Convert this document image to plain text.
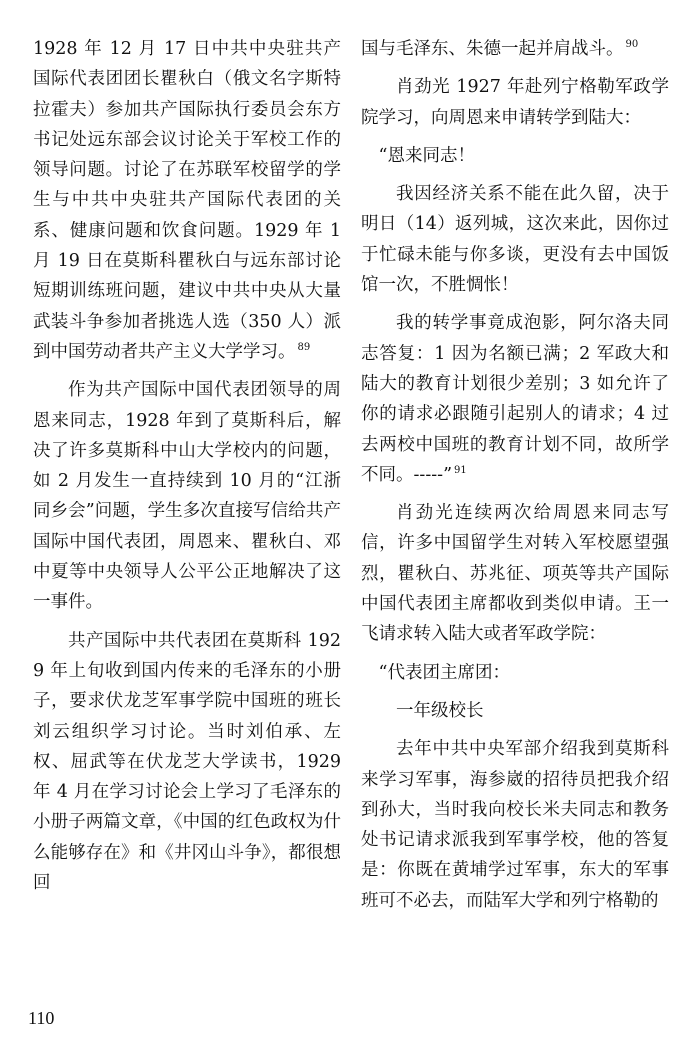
1928 年 12 月 17 日中共中央驻共产国际代表团团长瞿秋白（俄文名字斯特拉霍夫）参加共产国际执行委员会东方书记处远东部会议讨论关于军校工作的领导问题。讨论了在苏联军校留学的学生与中共中央驻共产国际代表团的关系、健康问题和饮食问题。1929 年 1 月 19 日在莫斯科瞿秋白与远东部讨论短期训练班问题，建议中共中央从大量武装斗争参加者挑选人选（350 人）派到中国劳动者共产主义大学学习。 $^{89}$

作为共产国际中国代表团领导的周恩来同志，1928 年到了莫斯科后，解决了许多莫斯科中山大学校内的问题，如 2 月发生一直持续到 10 月的“江浙同乡会”问题，学生多次直接写信给共产国际中国代表团，周恩来、瞿秋白、邓中夏等中央领导人公平公正地解决了这一事件。

共产国际中共代表团在莫斯科 1929 年上旬收到国内传来的毛泽东的小册子，要求伏龙芝军事学院中国班的班长刘云组织学习讨论。当时刘伯承、左权、屈武等在伏龙芝大学读书，1929 年 4 月在学习讨论会上学习了毛泽东的小册子两篇文章，《中国的红色政权为什么能够存在》和《井冈山斗争》，都很想回

国与毛泽东、朱德一起并肩战斗。 $^{90}$

肖劲光 1927 年赴列宁格勒军政学院学习，向周恩来申请转学到陆大：

“恩来同志！

我因经济关系不能在此久留，决于明日（14）返列城，这次来此，因你过于忙碌未能与你多谈，更没有去中国饭馆一次，不胜惆怅！

我的转学事竟成泡影，阿尔洛夫同志答复：1 因为名额已满；2 军政大和陆大的教育计划很少差别；3 如允许了你的请求必跟随引起别人的请求；4 过去两校中国班的教育计划不同，故所学不同。-----” $^{91}$

肖劲光连续两次给周恩来同志写信，许多中国留学生对转入军校愿望强烈，瞿秋白、苏兆征、项英等共产国际中国代表团主席都收到类似申请。王一飞请求转入陆大或者军政学院：

“代表团主席团：

一年级校长

去年中共中央军部介绍我到莫斯科来学习军事，海参崴的招待员把我介绍到孙大，当时我向校长米夫同志和教务处书记请求派我到军事学校，他的答复是：你既在黄埔学过军事，东大的军事班可不必去，而陆军大学和列宁格勒的

110
